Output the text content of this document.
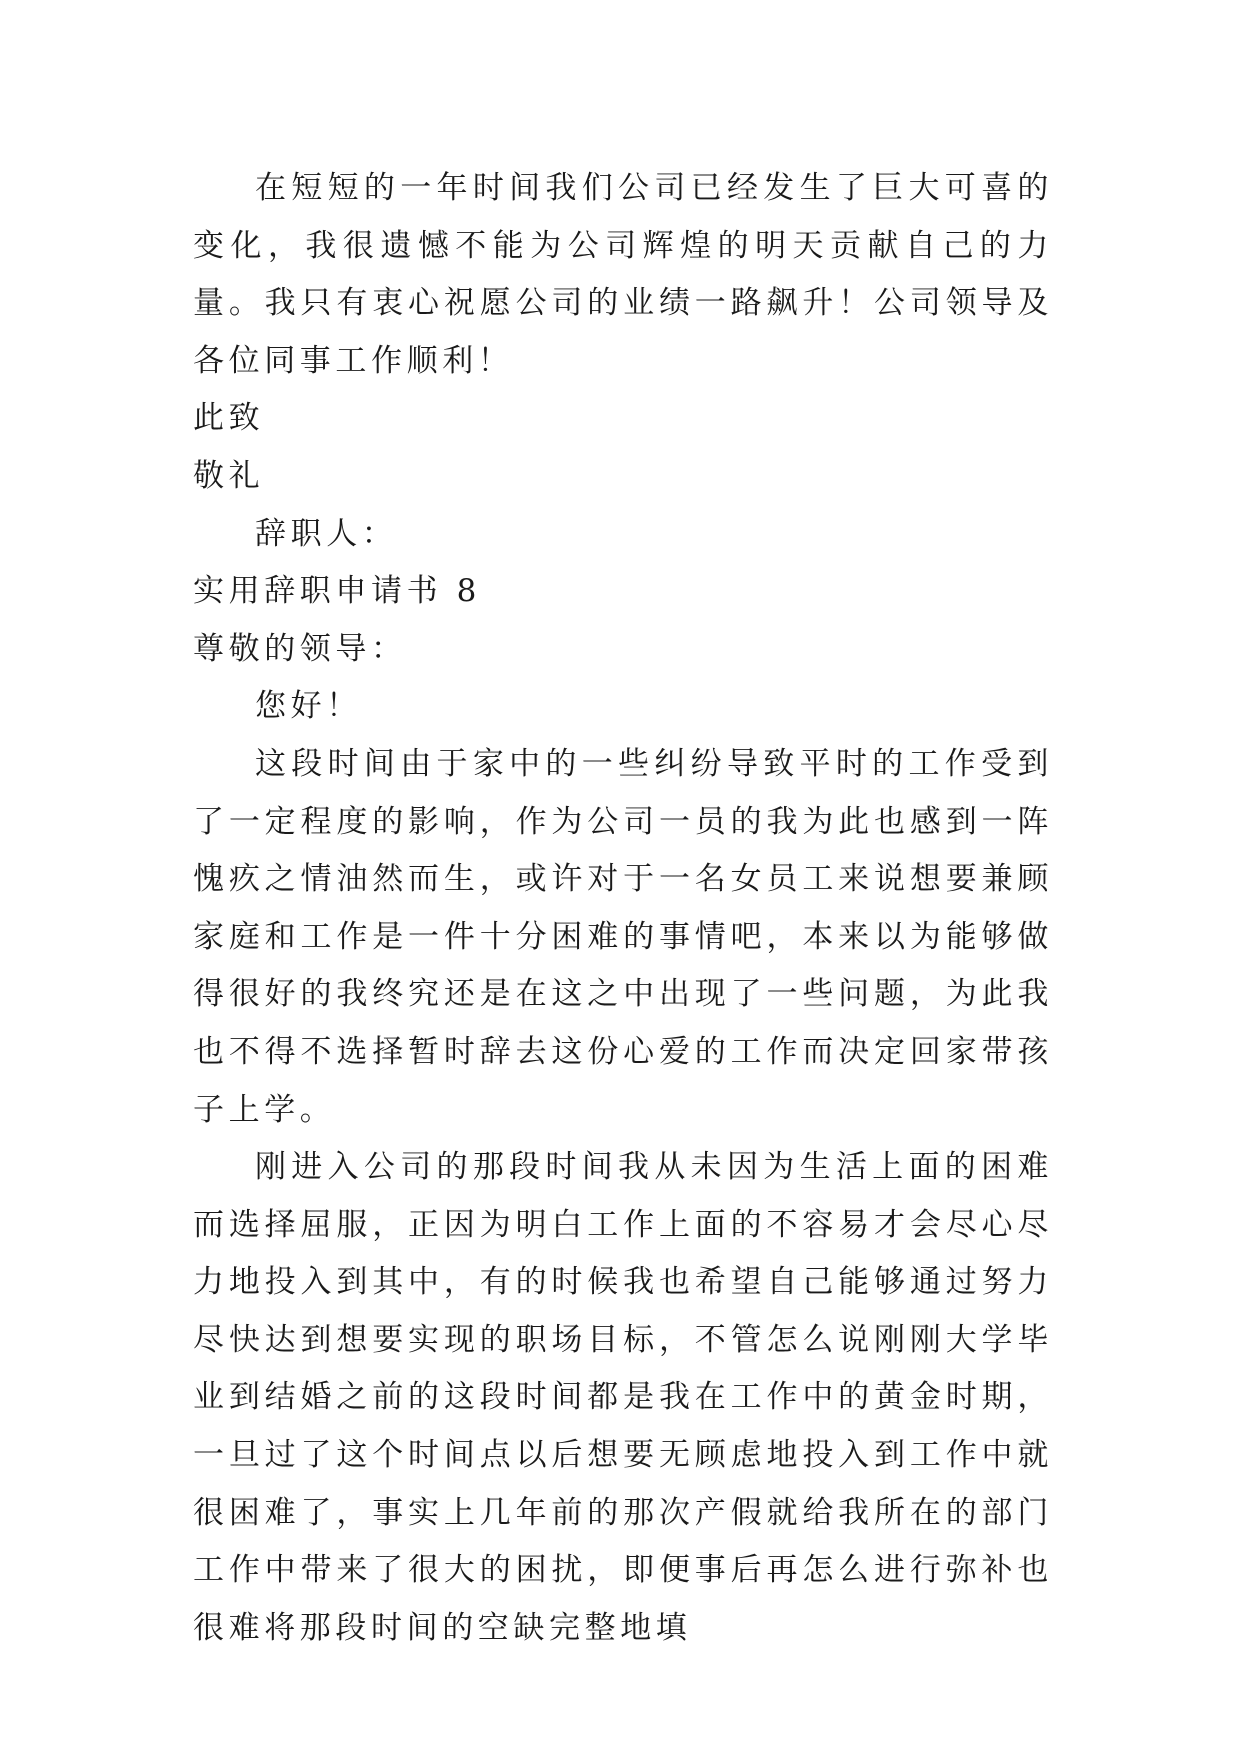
在短短的一年时间我们公司已经发生了巨大可喜的变化，我很遗憾不能为公司辉煌的明天贡献自己的力量。我只有衷心祝愿公司的业绩一路飙升！公司领导及各位同事工作顺利！

此致

敬礼

辞职人：

实用辞职申请书 8

尊敬的领导：

您好！

这段时间由于家中的一些纠纷导致平时的工作受到了一定程度的影响，作为公司一员的我为此也感到一阵愧疚之情油然而生，或许对于一名女员工来说想要兼顾家庭和工作是一件十分困难的事情吧，本来以为能够做得很好的我终究还是在这之中出现了一些问题，为此我也不得不选择暂时辞去这份心爱的工作而决定回家带孩子上学。

刚进入公司的那段时间我从未因为生活上面的困难而选择屈服，正因为明白工作上面的不容易才会尽心尽力地投入到其中，有的时候我也希望自己能够通过努力尽快达到想要实现的职场目标，不管怎么说刚刚大学毕业到结婚之前的这段时间都是我在工作中的黄金时期，一旦过了这个时间点以后想要无顾虑地投入到工作中就很困难了，事实上几年前的那次产假就给我所在的部门工作中带来了很大的困扰，即便事后再怎么进行弥补也很难将那段时间的空缺完整地填
